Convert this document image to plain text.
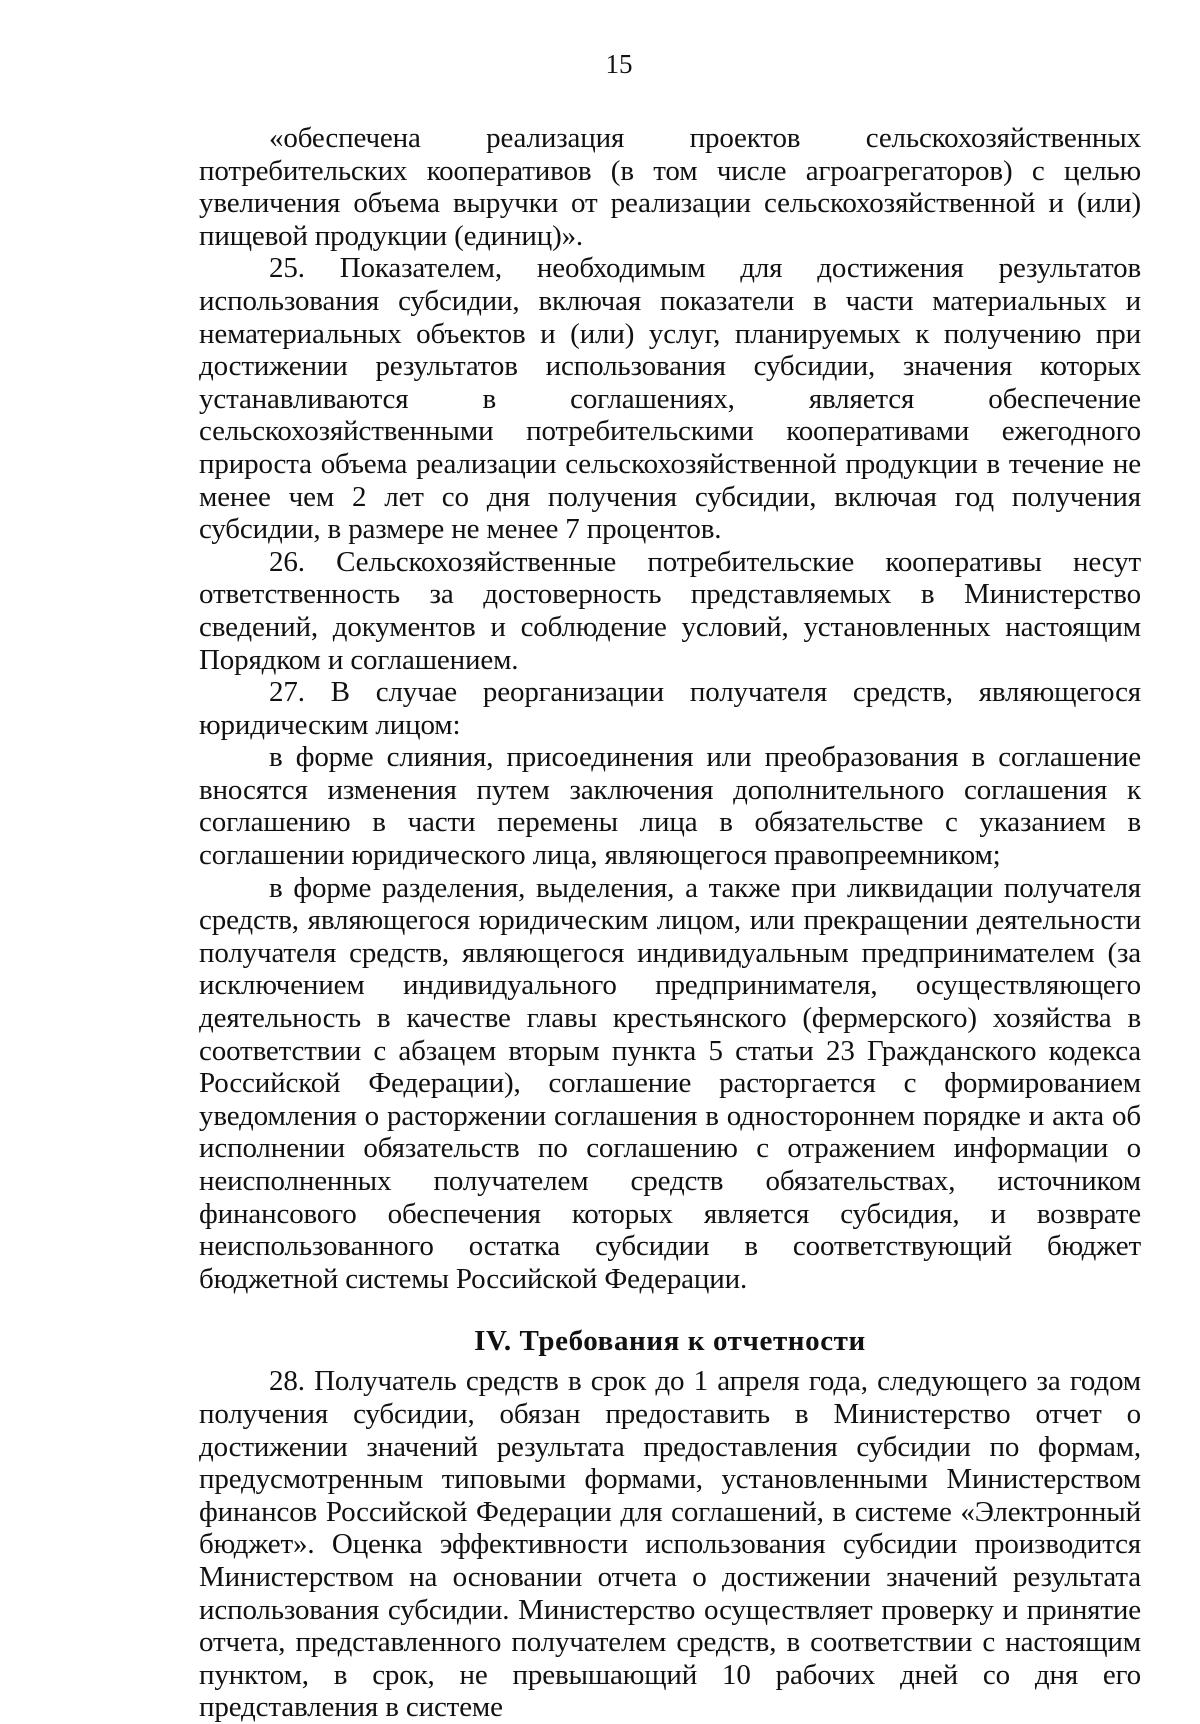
15

«обеспечена реализация проектов сельскохозяйственных потребительских кооперативов (в том числе агроагрегаторов) с целью увеличения объема выручки от реализации сельскохозяйственной и (или) пищевой продукции (единиц)».

25. Показателем, необходимым для достижения результатов использования субсидии, включая показатели в части материальных и нематериальных объектов и (или) услуг, планируемых к получению при достижении результатов использования субсидии, значения которых устанавливаются в соглашениях, является обеспечение сельскохозяйственными потребительскими кооперативами ежегодного прироста объема реализации сельскохозяйственной продукции в течение не менее чем 2 лет со дня получения субсидии, включая год получения субсидии, в размере не менее 7 процентов.

26. Сельскохозяйственные потребительские кооперативы несут ответственность за достоверность представляемых в Министерство сведений, документов и соблюдение условий, установленных настоящим Порядком и соглашением.

27. В случае реорганизации получателя средств, являющегося юридическим лицом:

в форме слияния, присоединения или преобразования в соглашение вносятся изменения путем заключения дополнительного соглашения к соглашению в части перемены лица в обязательстве с указанием в соглашении юридического лица, являющегося правопреемником;

в форме разделения, выделения, а также при ликвидации получателя средств, являющегося юридическим лицом, или прекращении деятельности получателя средств, являющегося индивидуальным предпринимателем (за исключением индивидуального предпринимателя, осуществляющего деятельность в качестве главы крестьянского (фермерского) хозяйства в соответствии с абзацем вторым пункта 5 статьи 23 Гражданского кодекса Российской Федерации), соглашение расторгается с формированием уведомления о расторжении соглашения в одностороннем порядке и акта об исполнении обязательств по соглашению с отражением информации о неисполненных получателем средств обязательствах, источником финансового обеспечения которых является субсидия, и возврате неиспользованного остатка субсидии в соответствующий бюджет бюджетной системы Российской Федерации.

IV. Требования к отчетности

28. Получатель средств в срок до 1 апреля года, следующего за годом получения субсидии, обязан предоставить в Министерство отчет о достижении значений результата предоставления субсидии по формам, предусмотренным типовыми формами, установленными Министерством финансов Российской Федерации для соглашений, в системе «Электронный бюджет». Оценка эффективности использования субсидии производится Министерством на основании отчета о достижении значений результата использования субсидии. Министерство осуществляет проверку и принятие отчета, представленного получателем средств, в соответствии с настоящим пунктом, в срок, не превышающий 10 рабочих дней со дня его представления в системе
